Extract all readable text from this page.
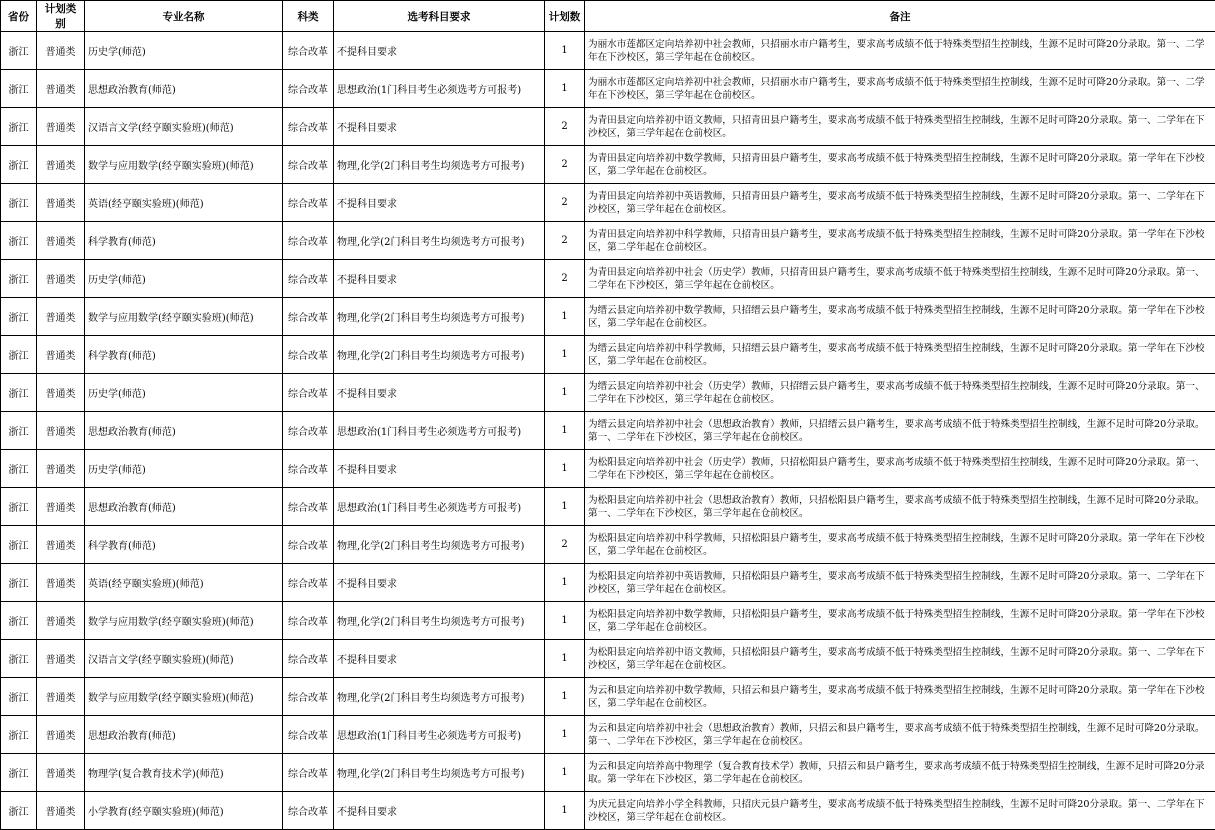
省份	计划类别	专业名称	科类	选考科目要求	计划数	备注
浙江	普通类	历史学(师范)	综合改革	不提科目要求	1	为丽水市莲都区定向培养初中社会教师，只招丽水市户籍考生，要求高考成绩不低于特殊类型招生控制线，生源不足时可降20分录取。第一、二学年在下沙校区，第三学年起在仓前校区。
浙江	普通类	思想政治教育(师范)	综合改革	思想政治(1门科目考生必须选考方可报考)	1	为丽水市莲都区定向培养初中社会教师，只招丽水市户籍考生，要求高考成绩不低于特殊类型招生控制线，生源不足时可降20分录取。第一、二学年在下沙校区，第三学年起在仓前校区。
浙江	普通类	汉语言文学(经亨颐实验班)(师范)	综合改革	不提科目要求	2	为青田县定向培养初中语文教师，只招青田县户籍考生，要求高考成绩不低于特殊类型招生控制线，生源不足时可降20分录取。第一、二学年在下沙校区，第三学年起在仓前校区。
浙江	普通类	数学与应用数学(经亨颐实验班)(师范)	综合改革	物理,化学(2门科目考生均须选考方可报考)	2	为青田县定向培养初中数学教师，只招青田县户籍考生，要求高考成绩不低于特殊类型招生控制线，生源不足时可降20分录取。第一学年在下沙校区，第二学年起在仓前校区。
浙江	普通类	英语(经亨颐实验班)(师范)	综合改革	不提科目要求	2	为青田县定向培养初中英语教师，只招青田县户籍考生，要求高考成绩不低于特殊类型招生控制线，生源不足时可降20分录取。第一、二学年在下沙校区，第三学年起在仓前校区。
浙江	普通类	科学教育(师范)	综合改革	物理,化学(2门科目考生均须选考方可报考)	2	为青田县定向培养初中科学教师，只招青田县户籍考生，要求高考成绩不低于特殊类型招生控制线，生源不足时可降20分录取。第一学年在下沙校区，第二学年起在仓前校区。
浙江	普通类	历史学(师范)	综合改革	不提科目要求	2	为青田县定向培养初中社会（历史学）教师，只招青田县户籍考生，要求高考成绩不低于特殊类型招生控制线，生源不足时可降20分录取。第一、二学年在下沙校区，第三学年起在仓前校区。
浙江	普通类	数学与应用数学(经亨颐实验班)(师范)	综合改革	物理,化学(2门科目考生均须选考方可报考)	1	为缙云县定向培养初中数学教师，只招缙云县户籍考生，要求高考成绩不低于特殊类型招生控制线，生源不足时可降20分录取。第一学年在下沙校区，第二学年起在仓前校区。
浙江	普通类	科学教育(师范)	综合改革	物理,化学(2门科目考生均须选考方可报考)	1	为缙云县定向培养初中科学教师，只招缙云县户籍考生，要求高考成绩不低于特殊类型招生控制线，生源不足时可降20分录取。第一学年在下沙校区，第二学年起在仓前校区。
浙江	普通类	历史学(师范)	综合改革	不提科目要求	1	为缙云县定向培养初中社会（历史学）教师，只招缙云县户籍考生，要求高考成绩不低于特殊类型招生控制线，生源不足时可降20分录取。第一、二学年在下沙校区，第三学年起在仓前校区。
浙江	普通类	思想政治教育(师范)	综合改革	思想政治(1门科目考生必须选考方可报考)	1	为缙云县定向培养初中社会（思想政治教育）教师，只招缙云县户籍考生，要求高考成绩不低于特殊类型招生控制线，生源不足时可降20分录取。第一、二学年在下沙校区，第三学年起在仓前校区。
浙江	普通类	历史学(师范)	综合改革	不提科目要求	1	为松阳县定向培养初中社会（历史学）教师，只招松阳县户籍考生，要求高考成绩不低于特殊类型招生控制线，生源不足时可降20分录取。第一、二学年在下沙校区，第三学年起在仓前校区。
浙江	普通类	思想政治教育(师范)	综合改革	思想政治(1门科目考生必须选考方可报考)	1	为松阳县定向培养初中社会（思想政治教育）教师，只招松阳县户籍考生，要求高考成绩不低于特殊类型招生控制线，生源不足时可降20分录取。第一、二学年在下沙校区，第三学年起在仓前校区。
浙江	普通类	科学教育(师范)	综合改革	物理,化学(2门科目考生均须选考方可报考)	2	为松阳县定向培养初中科学教师，只招松阳县户籍考生，要求高考成绩不低于特殊类型招生控制线，生源不足时可降20分录取。第一学年在下沙校区，第二学年起在仓前校区。
浙江	普通类	英语(经亨颐实验班)(师范)	综合改革	不提科目要求	1	为松阳县定向培养初中英语教师，只招松阳县户籍考生，要求高考成绩不低于特殊类型招生控制线，生源不足时可降20分录取。第一、二学年在下沙校区，第三学年起在仓前校区。
浙江	普通类	数学与应用数学(经亨颐实验班)(师范)	综合改革	物理,化学(2门科目考生均须选考方可报考)	1	为松阳县定向培养初中数学教师，只招松阳县户籍考生，要求高考成绩不低于特殊类型招生控制线，生源不足时可降20分录取。第一学年在下沙校区，第二学年起在仓前校区。
浙江	普通类	汉语言文学(经亨颐实验班)(师范)	综合改革	不提科目要求	1	为松阳县定向培养初中语文教师，只招松阳县户籍考生，要求高考成绩不低于特殊类型招生控制线，生源不足时可降20分录取。第一、二学年在下沙校区，第三学年起在仓前校区。
浙江	普通类	数学与应用数学(经亨颐实验班)(师范)	综合改革	物理,化学(2门科目考生均须选考方可报考)	1	为云和县定向培养初中数学教师，只招云和县户籍考生，要求高考成绩不低于特殊类型招生控制线，生源不足时可降20分录取。第一学年在下沙校区，第二学年起在仓前校区。
浙江	普通类	思想政治教育(师范)	综合改革	思想政治(1门科目考生必须选考方可报考)	1	为云和县定向培养初中社会（思想政治教育）教师，只招云和县户籍考生，要求高考成绩不低于特殊类型招生控制线，生源不足时可降20分录取。第一、二学年在下沙校区，第三学年起在仓前校区。
浙江	普通类	物理学(复合教育技术学)(师范)	综合改革	物理,化学(2门科目考生均须选考方可报考)	1	为云和县定向培养高中物理学（复合教育技术学）教师，只招云和县户籍考生，要求高考成绩不低于特殊类型招生控制线，生源不足时可降20分录取。第一学年在下沙校区，第二学年起在仓前校区。
浙江	普通类	小学教育(经亨颐实验班)(师范)	综合改革	不提科目要求	1	为庆元县定向培养小学全科教师，只招庆元县户籍考生，要求高考成绩不低于特殊类型招生控制线，生源不足时可降20分录取。第一、二学年在下沙校区，第三学年起在仓前校区。
